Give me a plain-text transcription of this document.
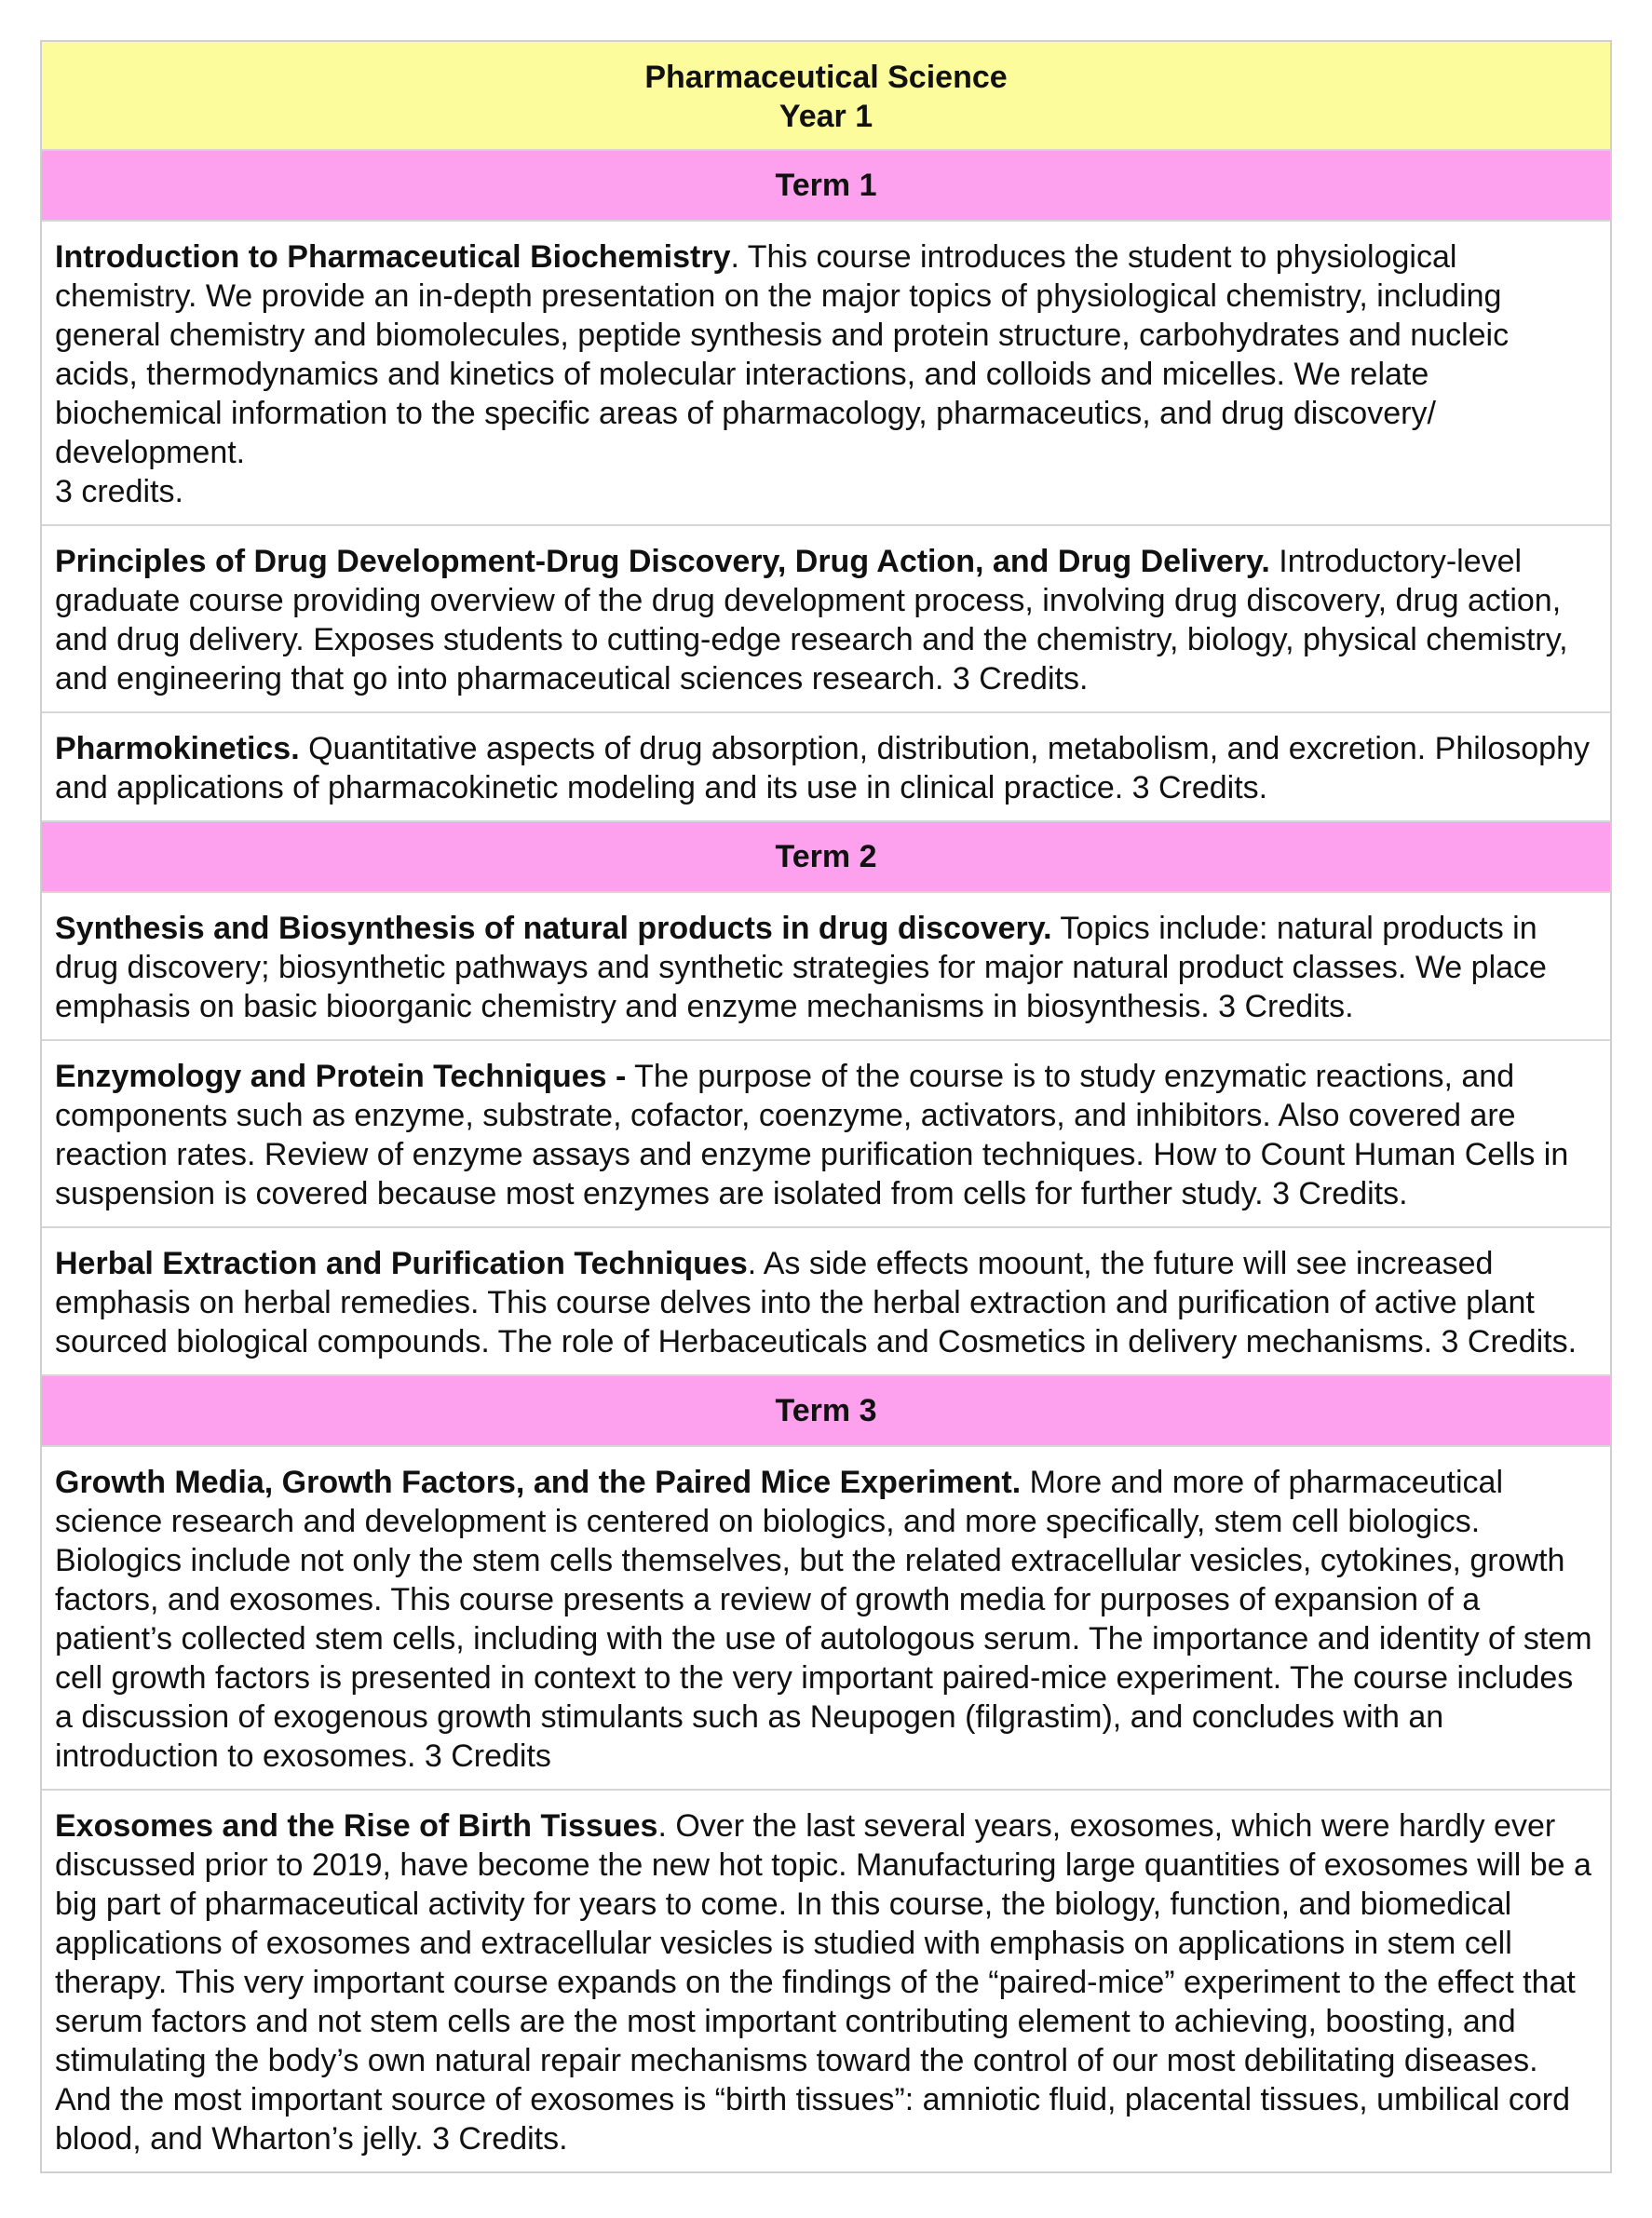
Pharmaceutical Science
Year 1
Term 1
Introduction to Pharmaceutical Biochemistry. This course introduces the student to physiological chemistry. We provide an in-depth presentation on the major topics of physiological chemistry, including general chemistry and biomolecules, peptide synthesis and protein structure, carbohydrates and nucleic acids, thermodynamics and kinetics of molecular interactions, and colloids and micelles. We relate biochemical information to the specific areas of pharmacology, pharmaceutics, and drug discovery/ development.
3 credits.
Principles of Drug Development-Drug Discovery, Drug Action, and Drug Delivery. Introductory-level graduate course providing overview of the drug development process, involving drug discovery, drug action, and drug delivery. Exposes students to cutting-edge research and the chemistry, biology, physical chemistry, and engineering that go into pharmaceutical sciences research. 3 Credits.
Pharmokinetics. Quantitative aspects of drug absorption, distribution, metabolism, and excretion. Philosophy and applications of pharmacokinetic modeling and its use in clinical practice. 3 Credits.
Term 2
Synthesis and Biosynthesis of natural products in drug discovery. Topics include: natural products in drug discovery; biosynthetic pathways and synthetic strategies for major natural product classes. We place emphasis on basic bioorganic chemistry and enzyme mechanisms in biosynthesis. 3 Credits.
Enzymology and Protein Techniques - The purpose of the course is to study enzymatic reactions, and components such as enzyme, substrate, cofactor, coenzyme, activators, and inhibitors. Also covered are reaction rates. Review of enzyme assays and enzyme purification techniques. How to Count Human Cells in suspension is covered because most enzymes are isolated from cells for further study. 3 Credits.
Herbal Extraction and Purification Techniques. As side effects moount, the future will see increased emphasis on herbal remedies. This course delves into the herbal extraction and purification of active plant sourced biological compounds. The role of Herbaceuticals and Cosmetics in delivery mechanisms. 3 Credits.
Term 3
Growth Media, Growth Factors, and the Paired Mice Experiment. More and more of pharmaceutical science research and development is centered on biologics, and more specifically, stem cell biologics. Biologics include not only the stem cells themselves, but the related extracellular vesicles, cytokines, growth factors, and exosomes. This course presents a review of growth media for purposes of expansion of a patient’s collected stem cells, including with the use of autologous serum. The importance and identity of stem cell growth factors is presented in context to the very important paired-mice experiment. The course includes a discussion of exogenous growth stimulants such as Neupogen (filgrastim), and concludes with an introduction to exosomes. 3 Credits
Exosomes and the Rise of Birth Tissues. Over the last several years, exosomes, which were hardly ever discussed prior to 2019, have become the new hot topic. Manufacturing large quantities of exosomes will be a big part of pharmaceutical activity for years to come. In this course, the biology, function, and biomedical applications of exosomes and extracellular vesicles is studied with emphasis on applications in stem cell therapy. This very important course expands on the findings of the “paired-mice” experiment to the effect that serum factors and not stem cells are the most important contributing element to achieving, boosting, and stimulating the body’s own natural repair mechanisms toward the control of our most debilitating diseases. And the most important source of exosomes is “birth tissues”: amniotic fluid, placental tissues, umbilical cord blood, and Wharton’s jelly. 3 Credits.
